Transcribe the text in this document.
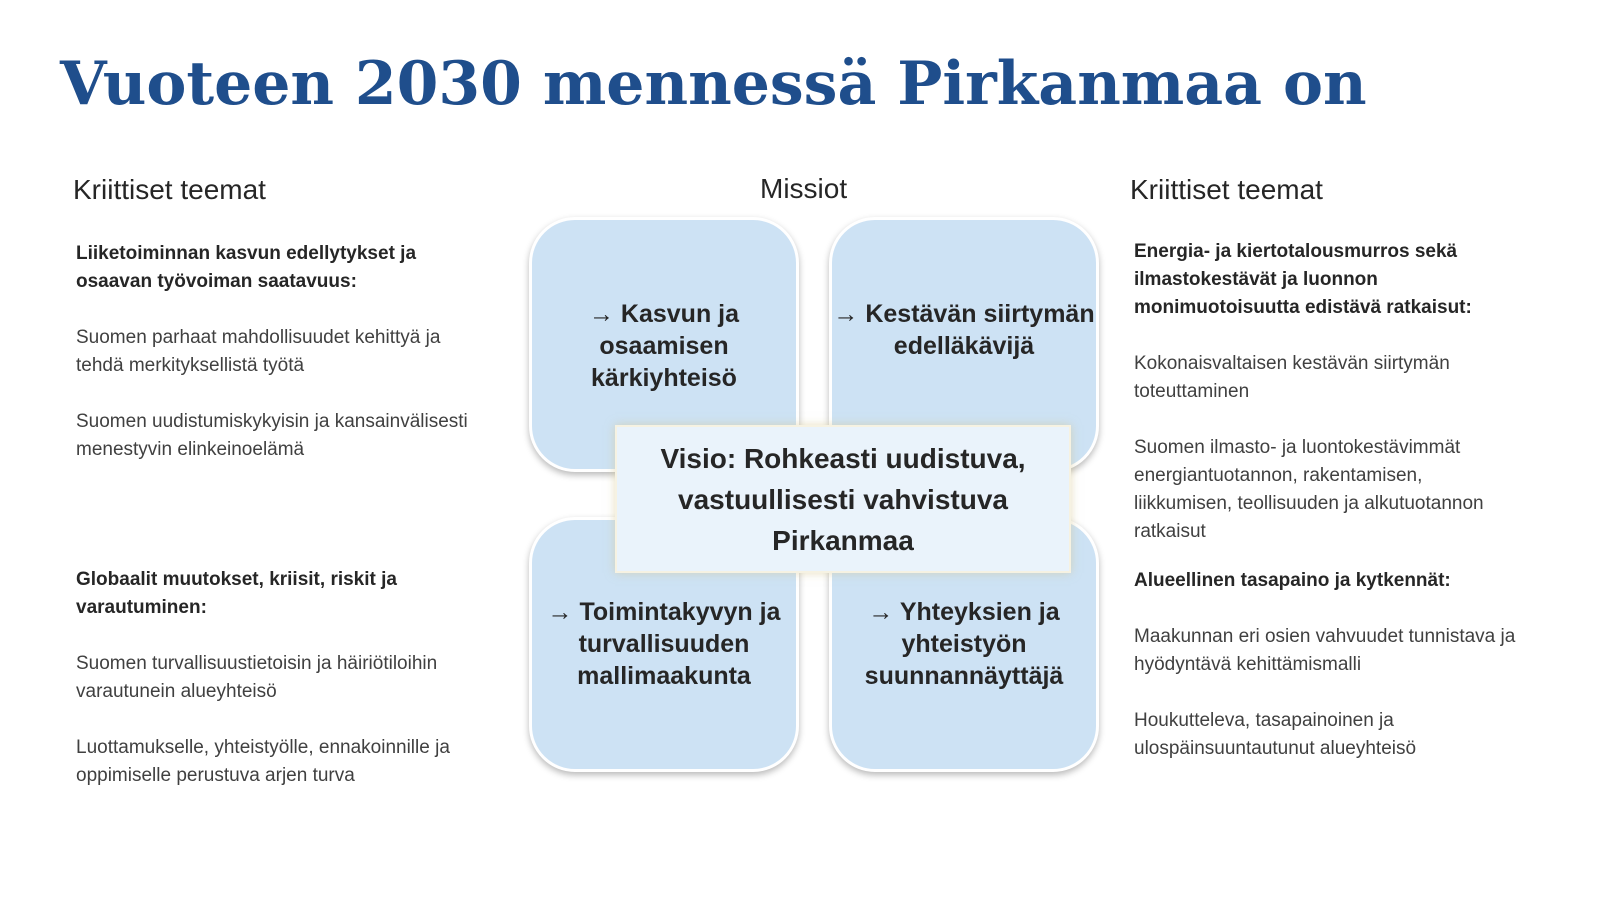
Vuoteen 2030 mennessä Pirkanmaa on
Kriittiset teemat

Liiketoiminnan kasvun edellytykset ja osaavan työvoiman saatavuus:

Suomen parhaat mahdollisuudet kehittyä ja tehdä merkityksellistä työtä

Suomen uudistumiskykyisin ja kansainvälisesti menestyvin elinkeinoelämä

Globaalit muutokset, kriisit, riskit ja varautuminen:

Suomen turvallisuustietoisin ja häiriötiloihin varautunein alueyhteisö

Luottamukselle, yhteistyölle, ennakoinnille ja oppimiselle perustuva arjen turva

Missiot
→ Kasvun ja osaamisen kärkiyhteisö
→ Kestävän siirtymän edelläkävijä
→ Toimintakyvyn ja turvallisuuden mallimaakunta
→ Yhteyksien ja yhteistyön suunnannäyttäjä
Visio: Rohkeasti uudistuva, vastuullisesti vahvistuva Pirkanmaa
Kriittiset teemat

Energia- ja kiertotalousmurros sekä ilmastokestävät ja luonnon monimuotoisuutta edistävä ratkaisut:

Kokonaisvaltaisen kestävän siirtymän toteuttaminen

Suomen ilmasto- ja luontokestävimmät energiantuotannon, rakentamisen, liikkumisen, teollisuuden ja alkutuotannon ratkaisut

Alueellinen tasapaino ja kytkennät:

Maakunnan eri osien vahvuudet tunnistava ja hyödyntävä kehittämismalli

Houkutteleva, tasapainoinen ja ulospäinsuuntautunut alueyhteisö
